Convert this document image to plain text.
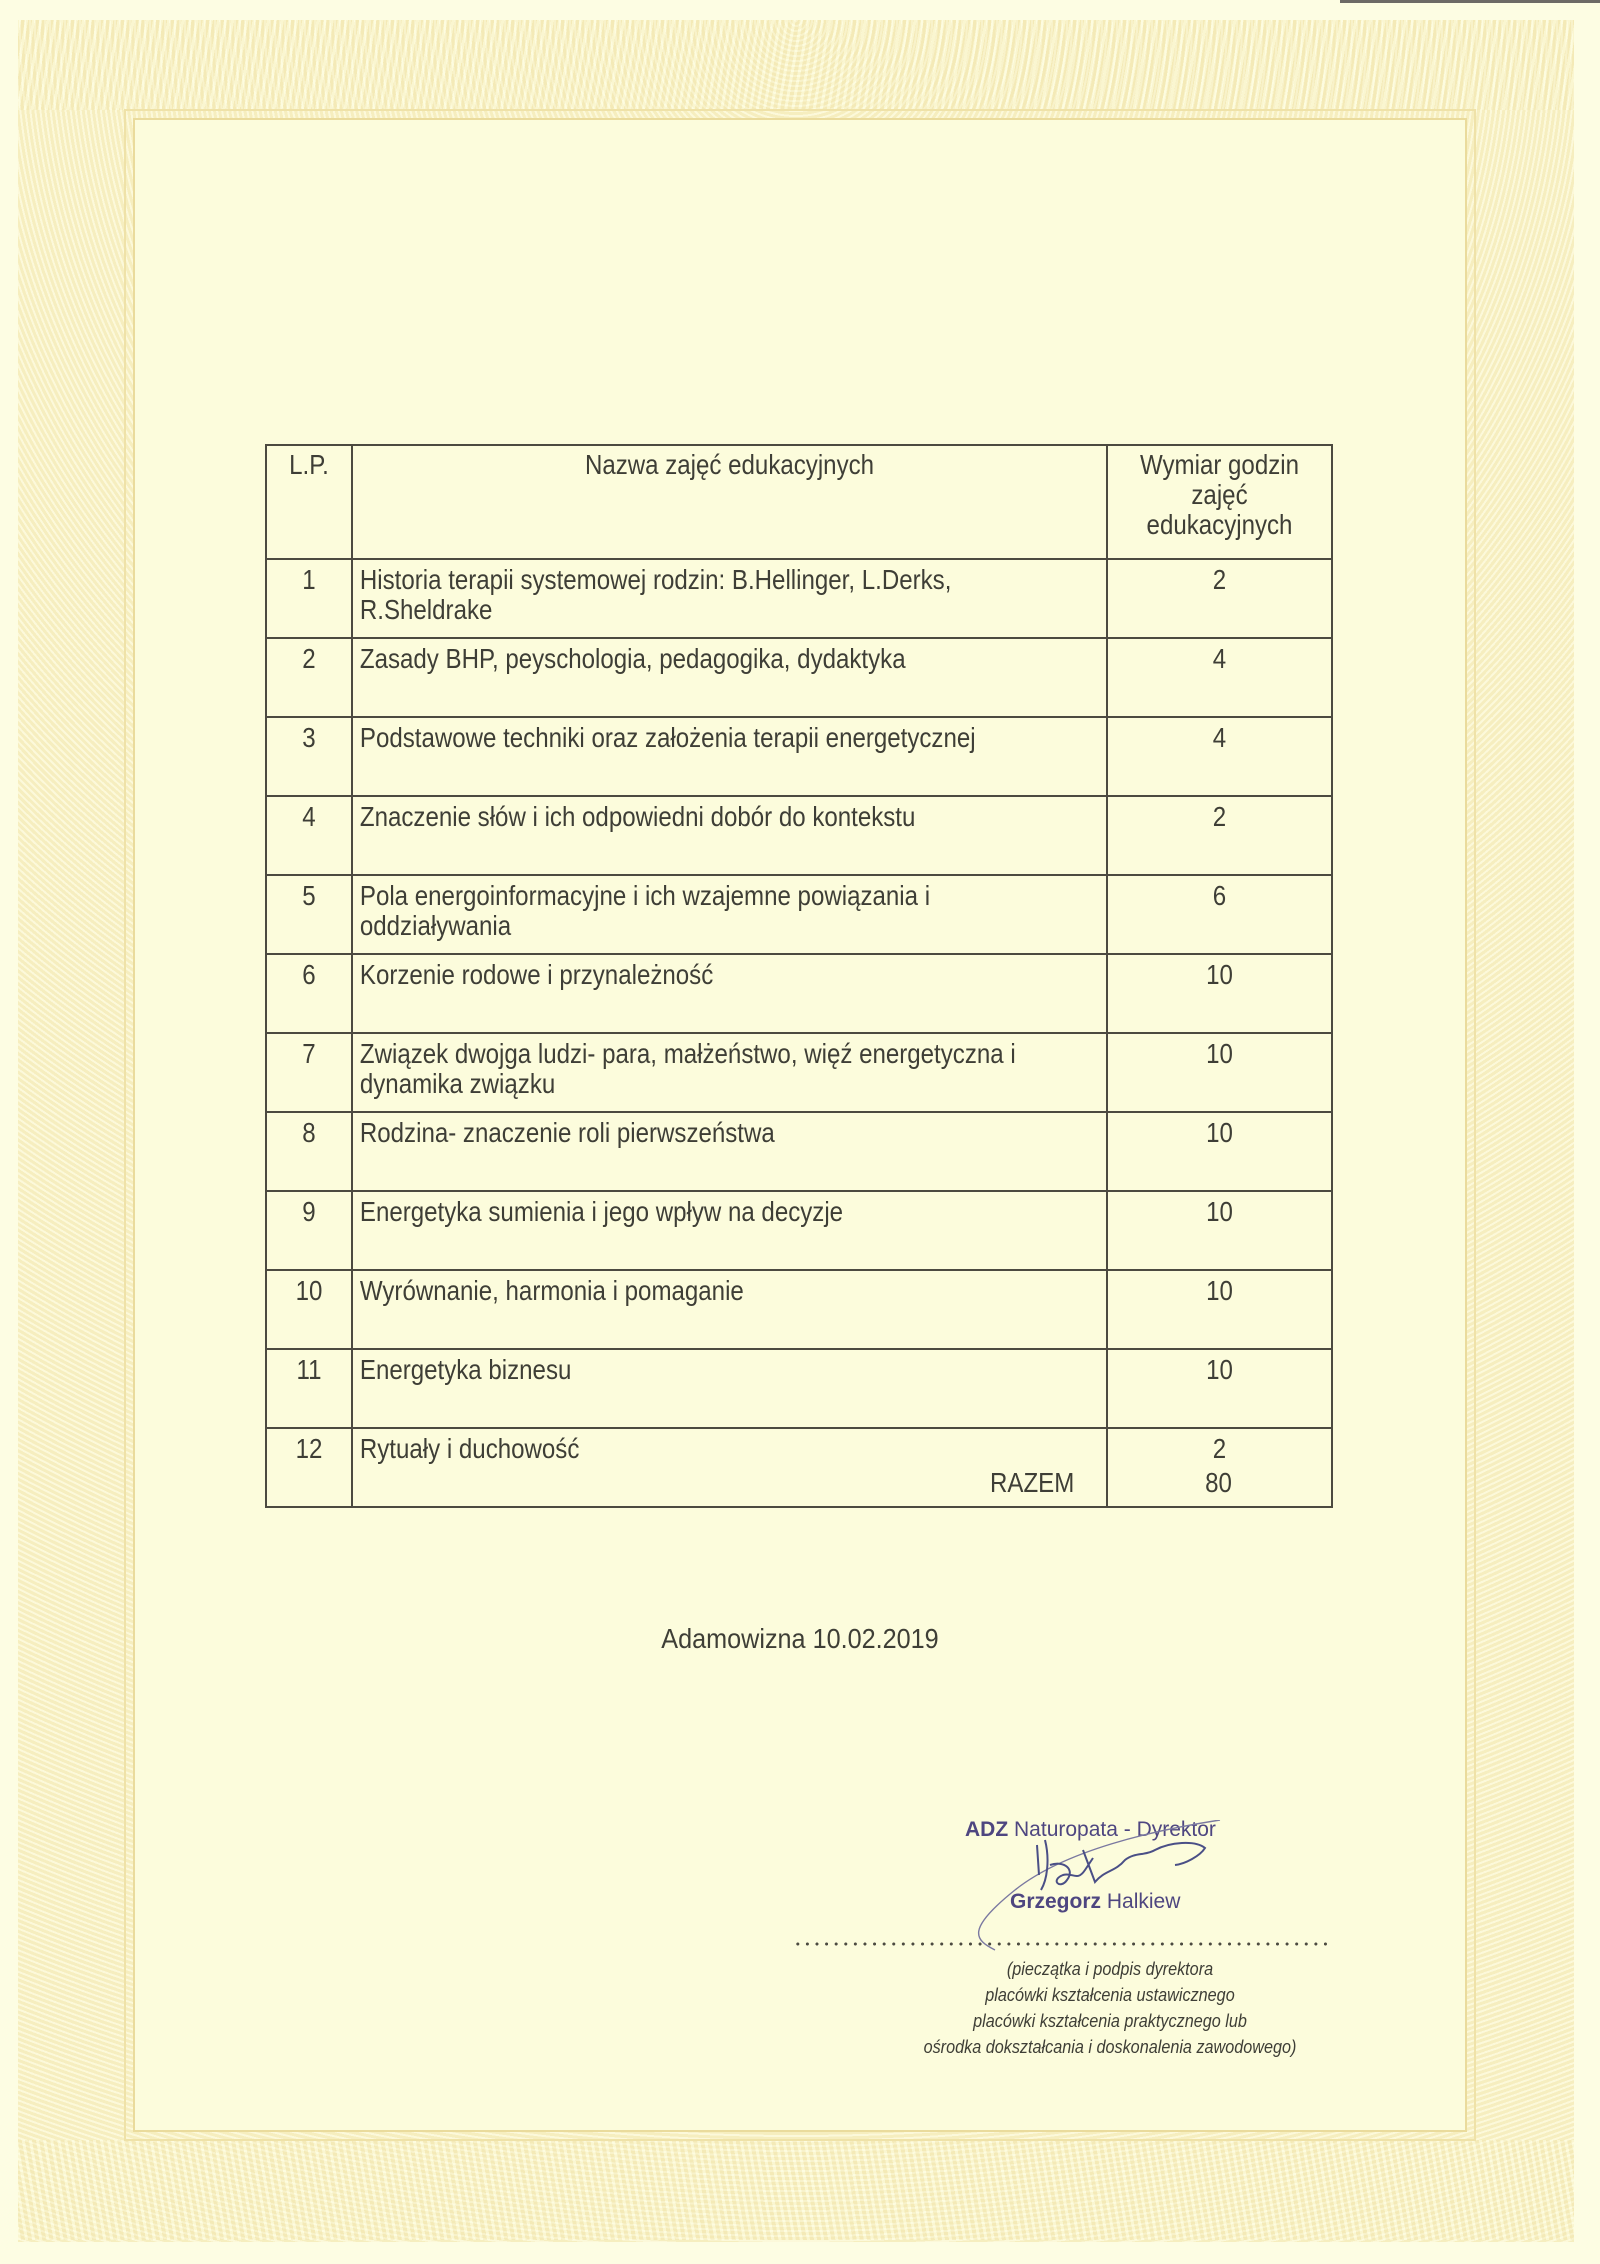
L.P.	Nazwa zajęć edukacyjnych	Wymiar godzin
zajęć
edukacyjnych

1	Historia terapii systemowej rodzin: B.Hellinger, L.Derks,
R.Sheldrake	2

2	Zasady BHP, peyschologia, pedagogika, dydaktyka	4

3	Podstawowe techniki oraz założenia terapii energetycznej	4

4	Znaczenie słów i ich odpowiedni dobór do kontekstu	2

5	Pola energoinformacyjne i ich wzajemne powiązania i
oddziaływania	6

6	Korzenie rodowe i przynależność	10

7	Związek dwojga ludzi- para, małżeństwo, więź energetyczna i
dynamika związku	10

8	Rodzina- znaczenie roli pierwszeństwa	10

9	Energetyka sumienia i jego wpływ na decyzje	10

10	Wyrównanie, harmonia i pomaganie	10

11	Energetyka biznesu	10

12	Rytuały i duchowość	2
RAZEM	80
Adamowizna 10.02.2019
ADZ Naturopata - Dyrektor
Grzegorz Halkiew
(pieczątka i podpis dyrektora
placówki kształcenia ustawicznego
placówki kształcenia praktycznego lub
ośrodka dokształcania i doskonalenia zawodowego)
